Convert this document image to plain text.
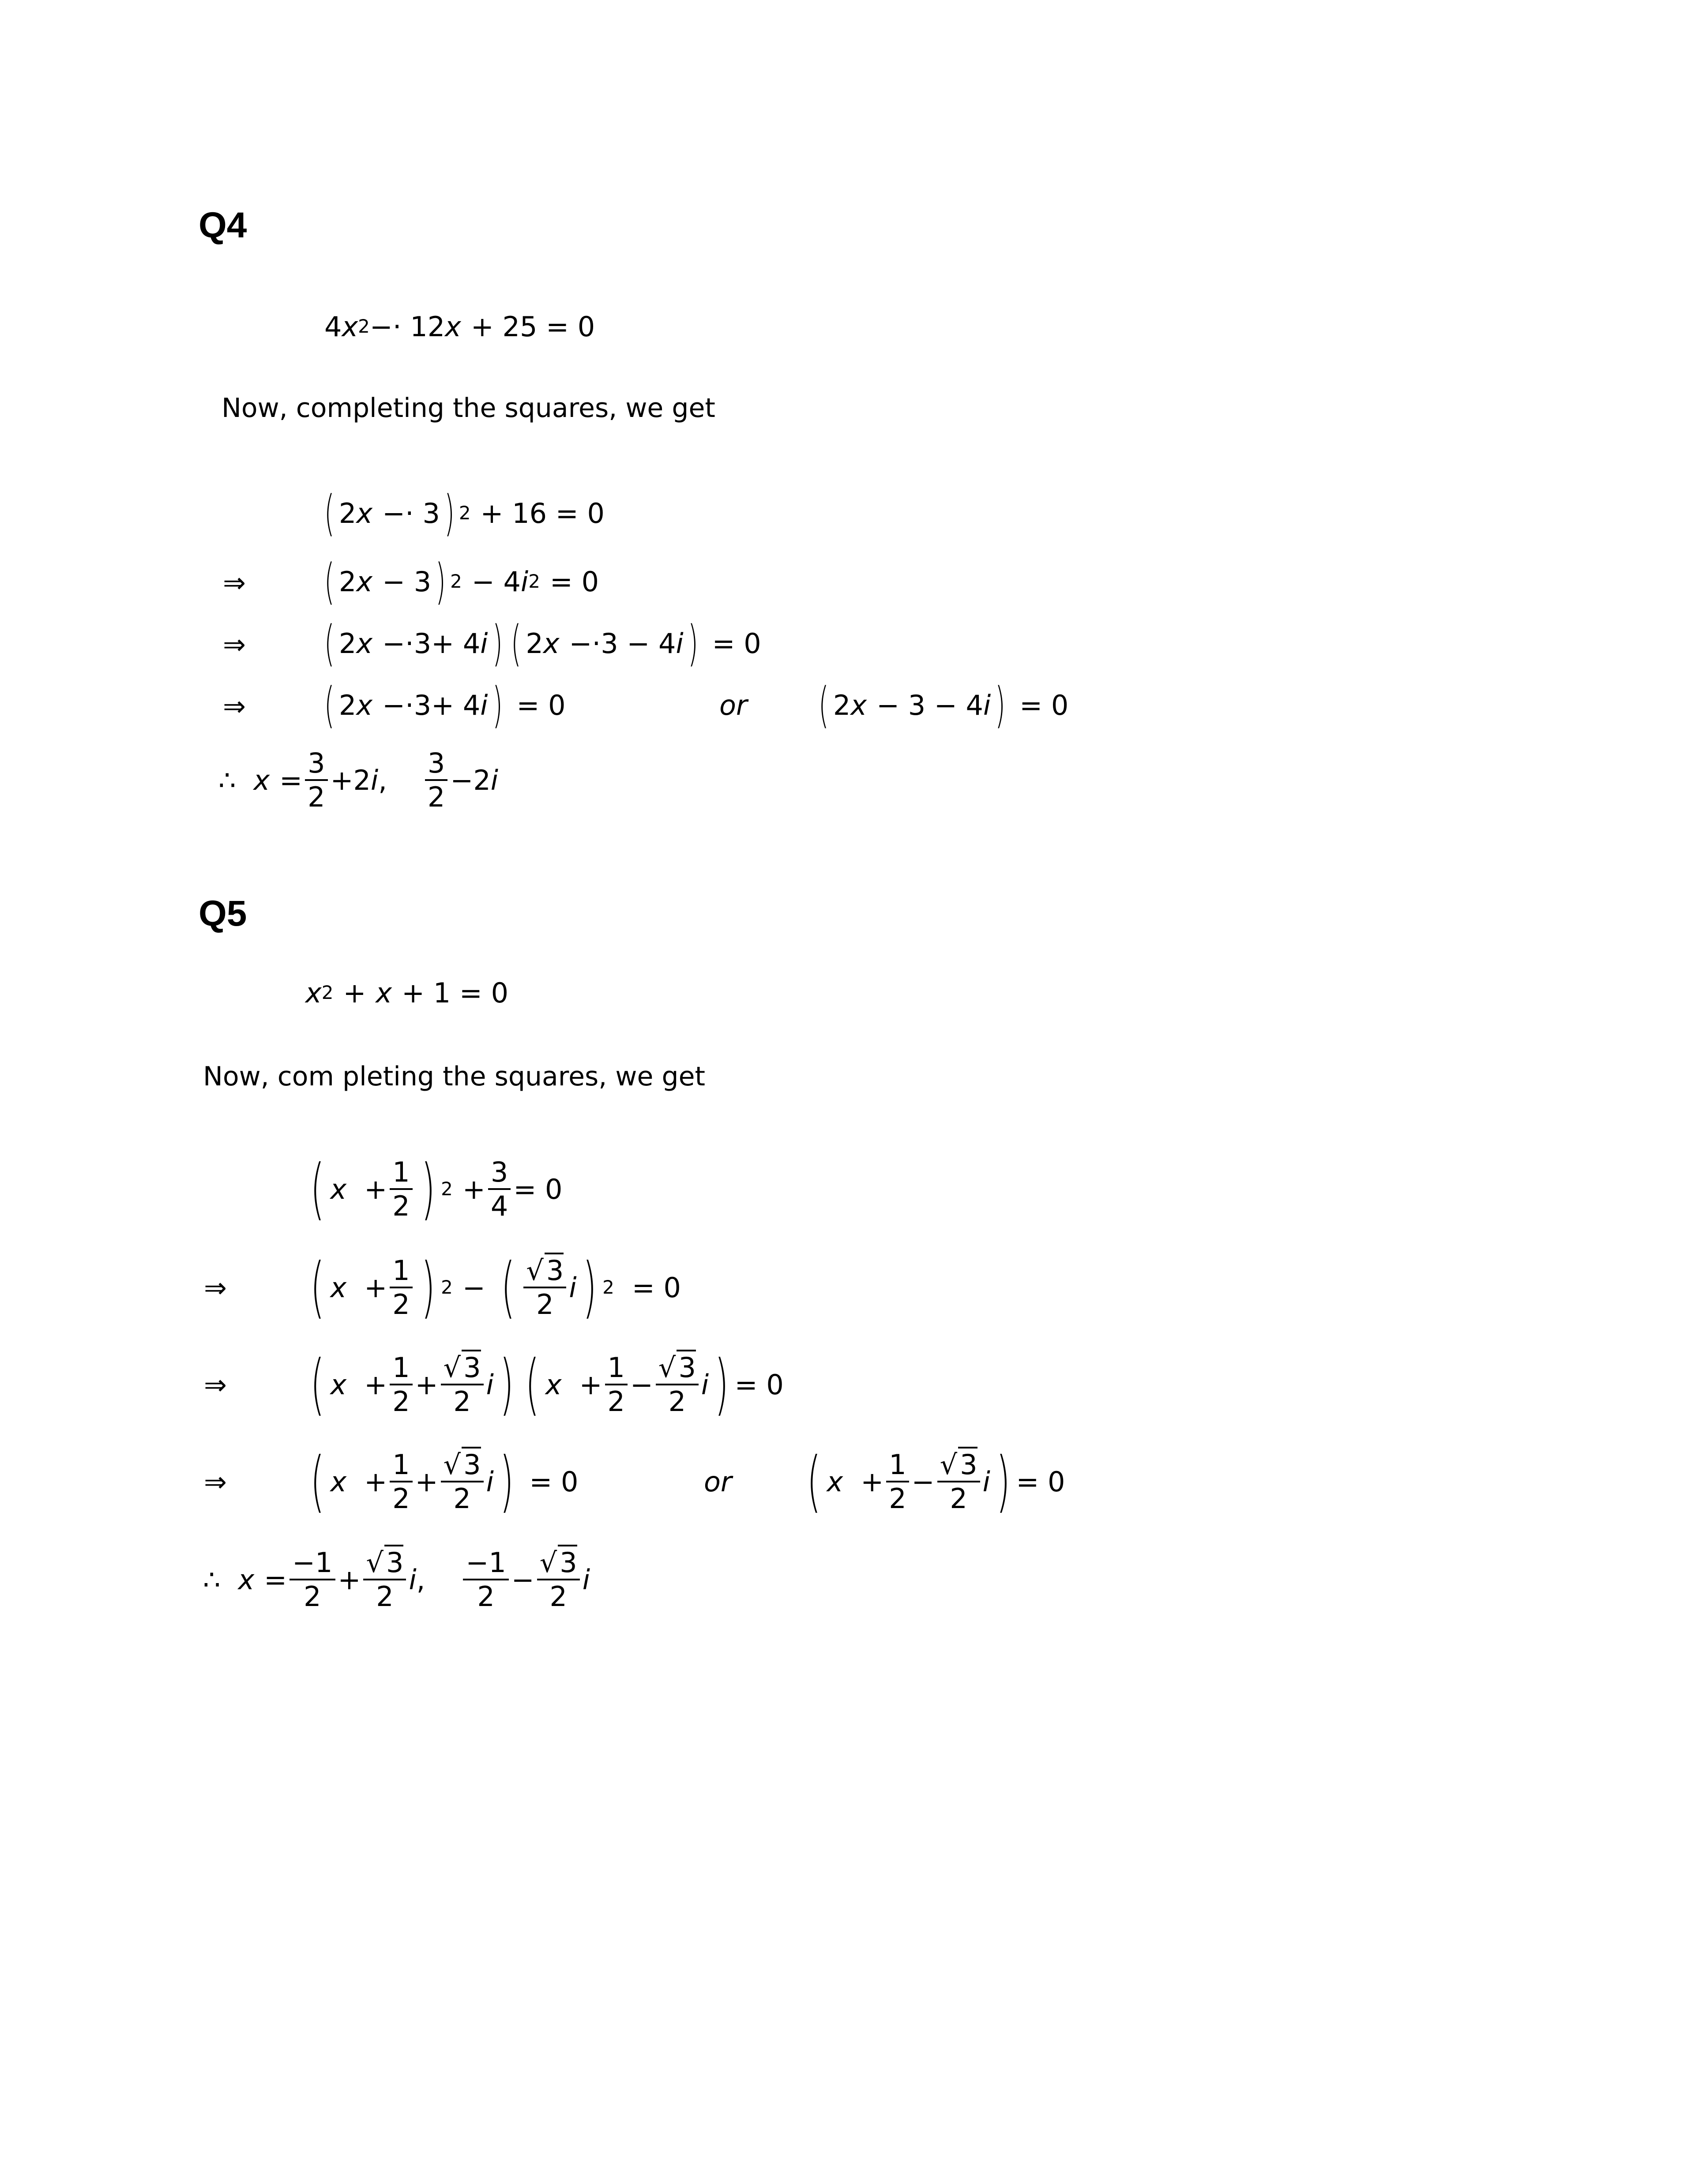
Q4
4 x 2 −· 12 x + 25 = 0
Now, completing the squares, we get
( 2 x −· 3 ) 2 + 16 = 0
⇒ ( 2 x − 3 ) 2 − 4 i 2 = 0
⇒ ( 2 x −·3+ 4 i ) ( 2 x −·3 − 4 i ) = 0
⇒ ( 2 x −·3+ 4 i ) = 0	or ( 2 x − 3 − 4 i ) = 0
∴ $x = \frac{3}{2} +2$ i , $\frac{3}{2} -2$ i
Q5
x 2 + x + 1 = 0
Now, com pleting the squares, we get
( $x + \frac{1}{2}$ ) $2 + \frac{3}{4} = 0$
⇒ ( $x + \frac{1}{2}$ ) 2 − ( $\frac{√3}{2}$ i ) 2 = 0
⇒ ( $x + \frac{1}{2} + \frac{√3}{2}$ i ) ( $x + \frac{1}{2} - \frac{√3}{2}$ i ) = 0
⇒ ( $x + \frac{1}{2} + \frac{√3}{2}$ i ) = 0	or ( $x + \frac{1}{2} - \frac{√3}{2}$ i ) = 0
∴ $x = \frac{-1}{2} + \frac{√3}{2}$ i , $\frac{-1}{2} - \frac{√3}{2}$ i
